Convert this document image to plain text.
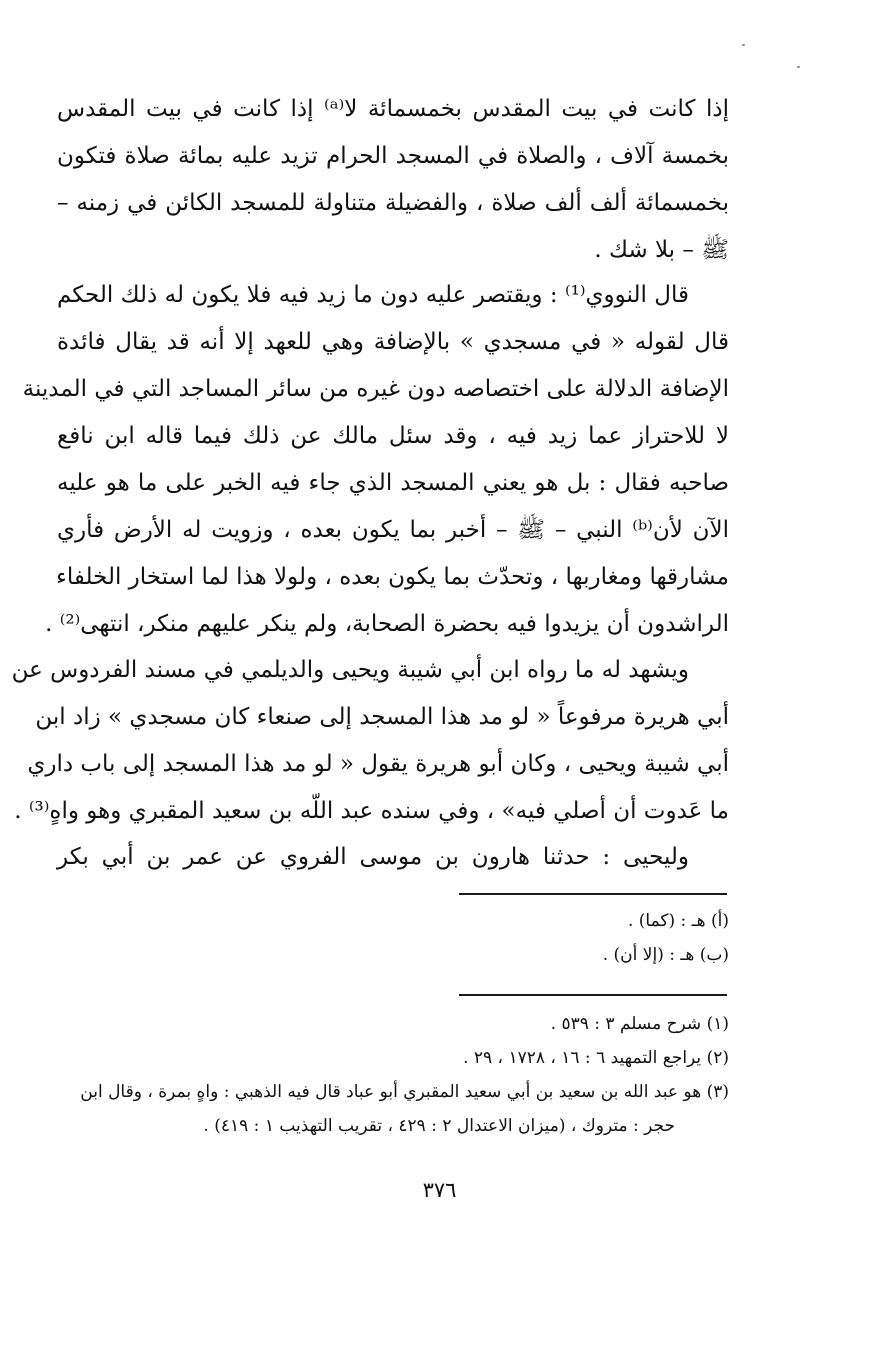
إذا كانت في بيت المقدس بخمسمائة لا⁽ᵃ⁾ إذا كانت في بيت المقدس
بخمسة آلاف ، والصلاة في المسجد الحرام تزيد عليه بمائة صلاة فتكون
بخمسمائة ألف ألف صلاة ، والفضيلة متناولة للمسجد الكائن في زمنه –
ﷺ – بلا شك .
قال النووي⁽¹⁾ : ويقتصر عليه دون ما زيد فيه فلا يكون له ذلك الحكم
قال لقوله « في مسجدي » بالإضافة وهي للعهد إلا أنه قد يقال فائدة
الإضافة الدلالة على اختصاصه دون غيره من سائر المساجد التي في المدينة
لا للاحتراز عما زيد فيه ، وقد سئل مالك عن ذلك فيما قاله ابن نافع
صاحبه فقال : بل هو يعني المسجد الذي جاء فيه الخبر على ما هو عليه
الآن لأن⁽ᵇ⁾ النبي – ﷺ – أخبر بما يكون بعده ، وزويت له الأرض فأري
مشارقها ومغاربها ، وتحدّث بما يكون بعده ، ولولا هذا لما استخار الخلفاء
الراشدون أن يزيدوا فيه بحضرة الصحابة، ولم ينكر عليهم منكر، انتهى⁽²⁾ .
ويشهد له ما رواه ابن أبي شيبة ويحيى والديلمي في مسند الفردوس عن
أبي هريرة مرفوعاً « لو مد هذا المسجد إلى صنعاء كان مسجدي » زاد ابن
أبي شيبة ويحيى ، وكان أبو هريرة يقول « لو مد هذا المسجد إلى باب داري
ما عَدوت أن أصلي فيه» ، وفي سنده عبد اللّه بن سعيد المقبري وهو واهٍ⁽³⁾ .
وليحيى : حدثنا هارون بن موسى الفروي عن عمر بن أبي بكر
(أ) هـ : (كما) .
(ب) هـ : (إلا أن) .
(١) شرح مسلم ٣ : ٥٣٩ .
(٢) يراجع التمهيد ٦ : ١٦ ، ١٧٢٨ ، ٢٩ .
(٣) هو عبد الله بن سعيد بن أبي سعيد المقبري أبو عباد قال فيه الذهبي : واهٍ بمرة ، وقال ابن
حجر : متروك ، (ميزان الاعتدال ٢ : ٤٢٩ ، تقريب التهذيب ١ : ٤١٩) .
٣٧٦
